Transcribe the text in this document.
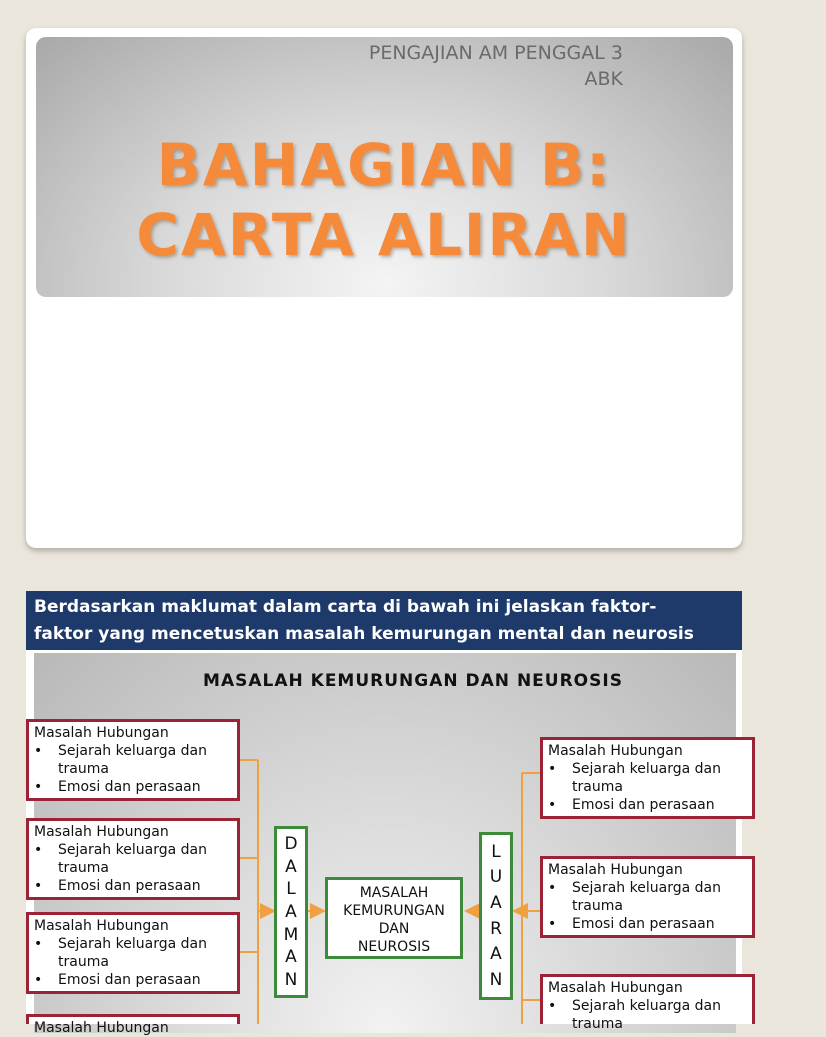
PENGAJIAN AM PENGGAL 3
ABK
BAHAGIAN B:
CARTA ALIRAN
Berdasarkan maklumat dalam carta di bawah ini jelaskan faktor-
faktor yang mencetuskan masalah kemurungan mental dan neurosis
MASALAH KEMURUNGAN DAN NEUROSIS
Masalah Hubungan
• Sejarah keluarga dan trauma
• Emosi dan perasaan
Masalah Hubungan
• Sejarah keluarga dan trauma
• Emosi dan perasaan
Masalah Hubungan
• Sejarah keluarga dan trauma
• Emosi dan perasaan
Masalah Hubungan
D
A
L
A
M
A
N
MASALAH
KEMURUNGAN
DAN
NEUROSIS
L
U
A
R
A
N
Masalah Hubungan
• Sejarah keluarga dan trauma
• Emosi dan perasaan
Masalah Hubungan
• Sejarah keluarga dan trauma
• Emosi dan perasaan
Masalah Hubungan
• Sejarah keluarga dan trauma
